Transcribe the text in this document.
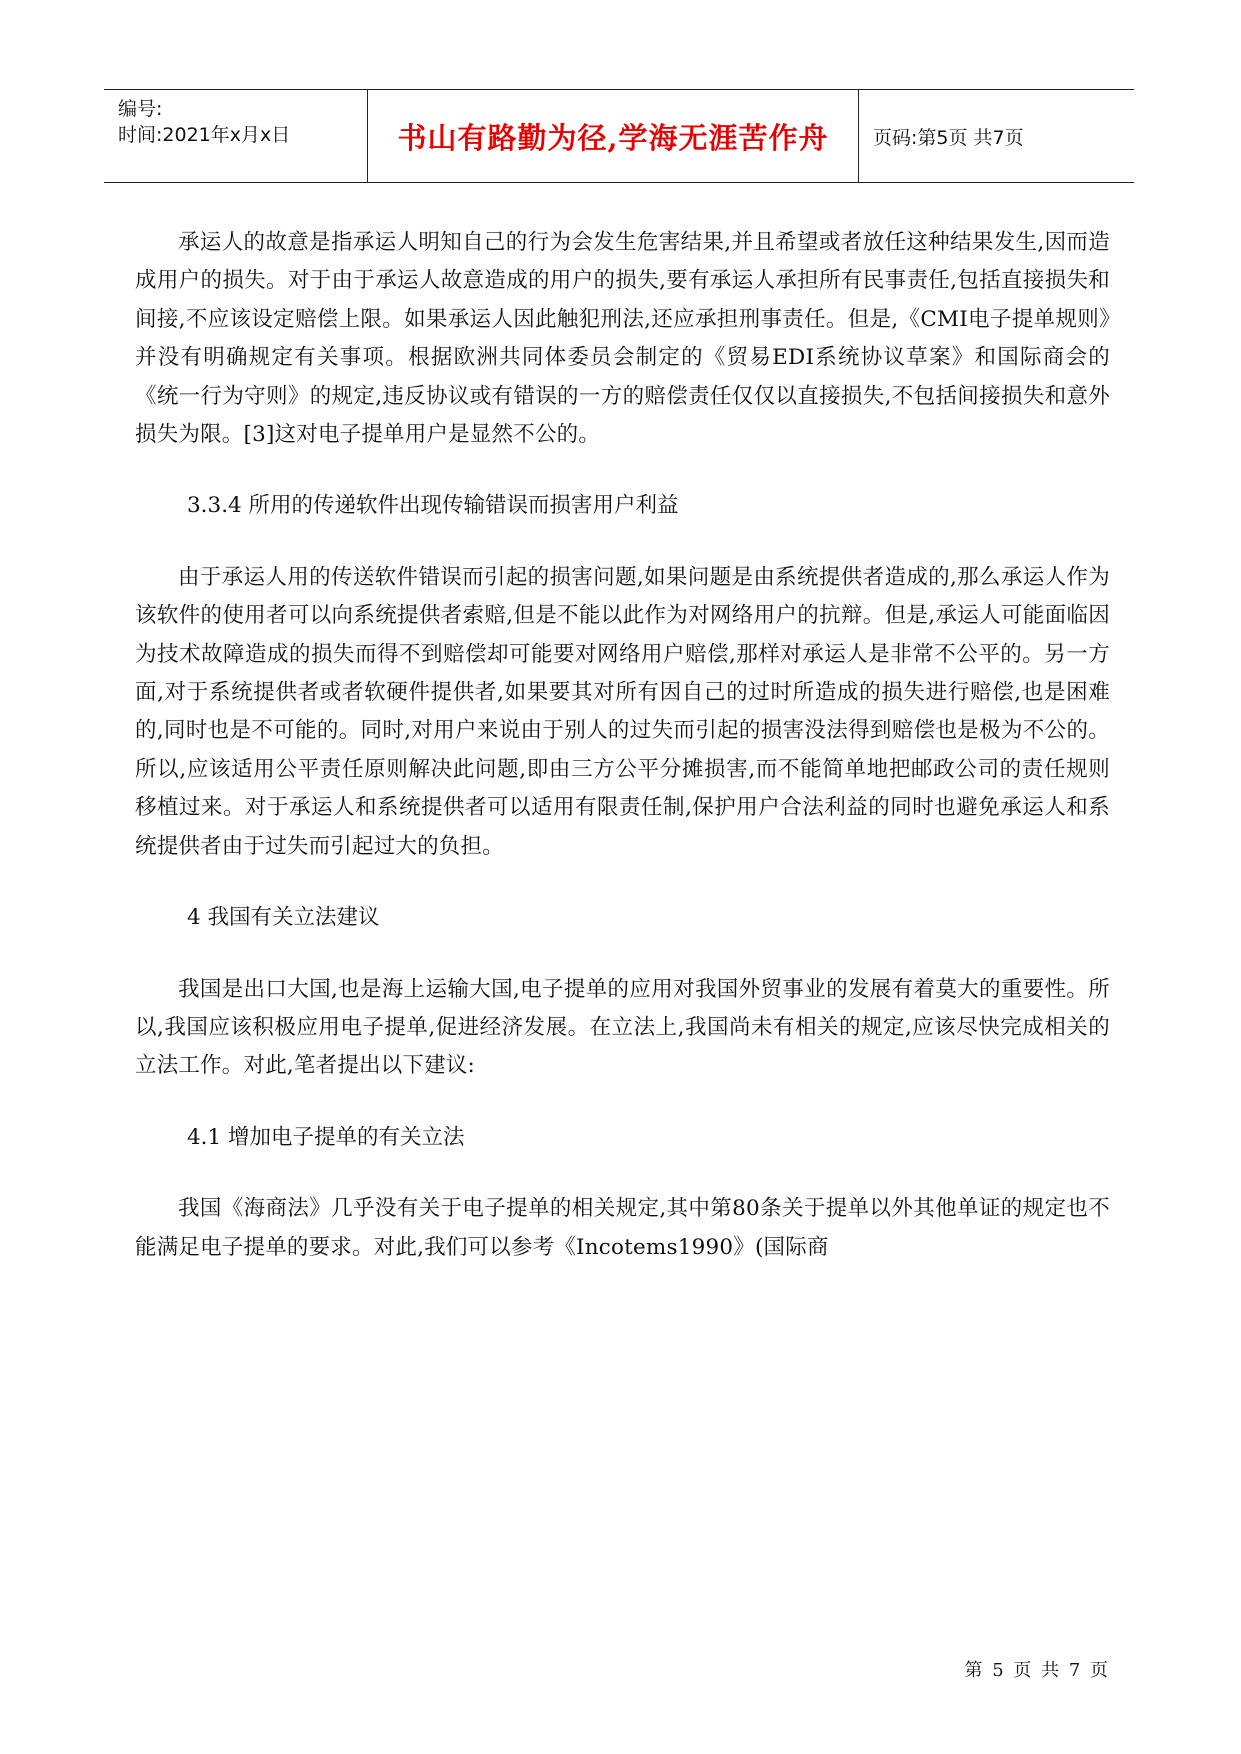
编号:
时间:2021年x月x日	书山有路勤为径,学海无涯苦作舟 页码:第5页 共7页

承运人的故意是指承运人明知自己的行为会发生危害结果,并且希望或者放任这种结果发生,因而造成用户的损失。对于由于承运人故意造成的用户的损失,要有承运人承担所有民事责任,包括直接损失和间接,不应该设定赔偿上限。如果承运人因此触犯刑法,还应承担刑事责任。但是,《CMI电子提单规则》并没有明确规定有关事项。根据欧洲共同体委员会制定的《贸易EDI系统协议草案》和国际商会的《统一行为守则》的规定,违反协议或有错误的一方的赔偿责任仅仅以直接损失,不包括间接损失和意外损失为限。[3]这对电子提单用户是显然不公的。

3.3.4 所用的传递软件出现传输错误而损害用户利益

由于承运人用的传送软件错误而引起的损害问题,如果问题是由系统提供者造成的,那么承运人作为该软件的使用者可以向系统提供者索赔,但是不能以此作为对网络用户的抗辩。但是,承运人可能面临因为技术故障造成的损失而得不到赔偿却可能要对网络用户赔偿,那样对承运人是非常不公平的。另一方面,对于系统提供者或者软硬件提供者,如果要其对所有因自己的过时所造成的损失进行赔偿,也是困难的,同时也是不可能的。同时,对用户来说由于别人的过失而引起的损害没法得到赔偿也是极为不公的。所以,应该适用公平责任原则解决此问题,即由三方公平分摊损害,而不能简单地把邮政公司的责任规则移植过来。对于承运人和系统提供者可以适用有限责任制,保护用户合法利益的同时也避免承运人和系统提供者由于过失而引起过大的负担。

4 我国有关立法建议

我国是出口大国,也是海上运输大国,电子提单的应用对我国外贸事业的发展有着莫大的重要性。所以,我国应该积极应用电子提单,促进经济发展。在立法上,我国尚未有相关的规定,应该尽快完成相关的立法工作。对此,笔者提出以下建议:

4.1 增加电子提单的有关立法

我国《海商法》几乎没有关于电子提单的相关规定,其中第80条关于提单以外其他单证的规定也不能满足电子提单的要求。对此,我们可以参考《Incotems1990》(国际商

第 5 页 共 7 页
